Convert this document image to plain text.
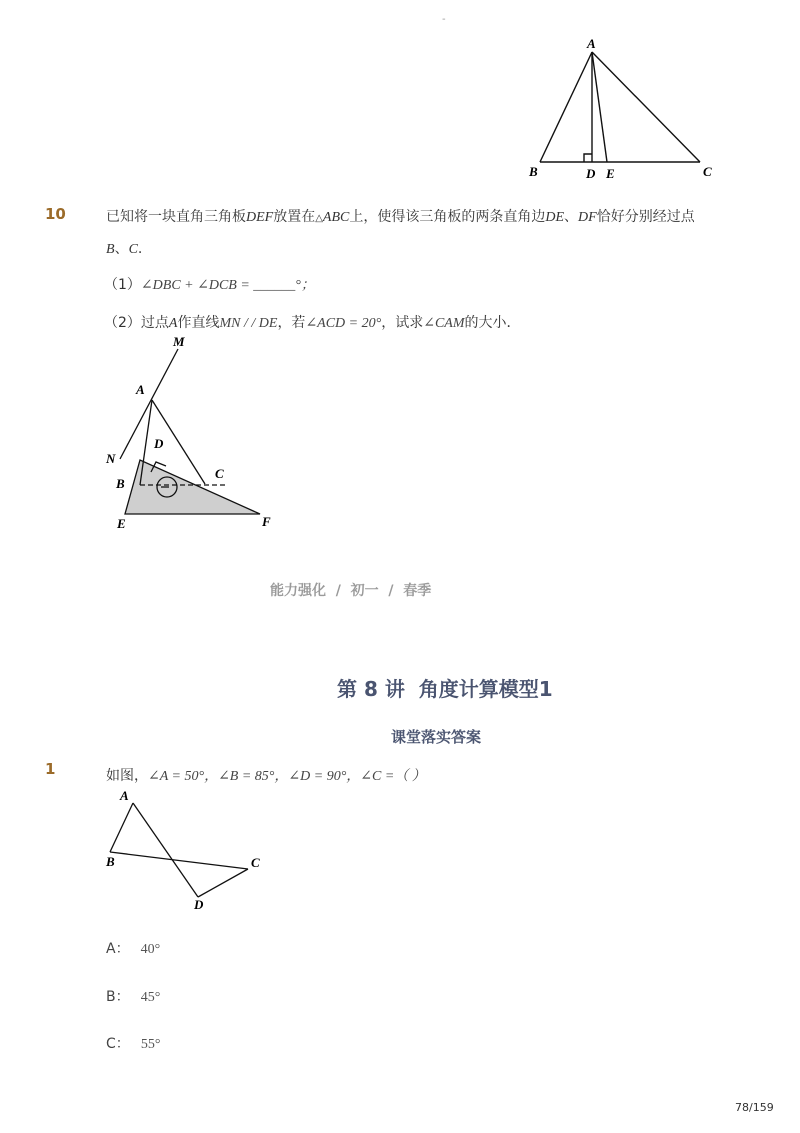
-
A
B	C
D E
10	已知将一块直角三角板DEF放置在△ABC上，使得该三角板的两条直角边DE、DF恰好分别经过点
B、C.
（1）∠DBC + ∠DCB = ______°；
（2）过点A作直线MN / / DE，若∠ACD = 20°，试求∠CAM的大小．
M
A
D
N
C
B
E	F
能力强化  /  初一  /  春季
第 8 讲  角度计算模型1
课堂落实答案
1	如图，∠A = 50°，∠B = 85°，∠D = 90°，∠C =（ ）
A
B	C
D
A： 40°
B： 45°
C： 55°
78/159
